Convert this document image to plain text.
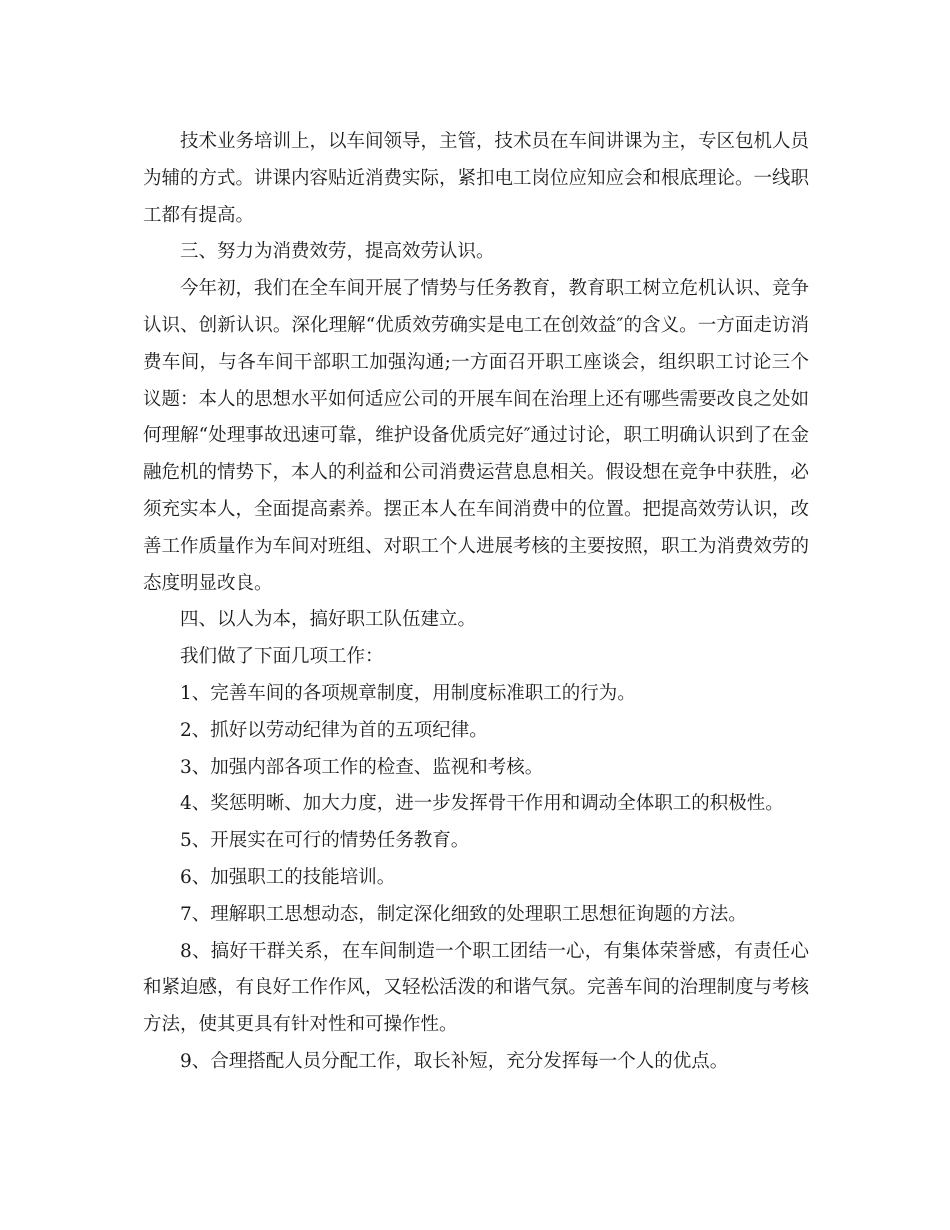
技术业务培训上，以车间领导，主管，技术员在车间讲课为主，专区包机人员为辅的方式。讲课内容贴近消费实际，紧扣电工岗位应知应会和根底理论。一线职工都有提高。

三、努力为消费效劳，提高效劳认识。

今年初，我们在全车间开展了情势与任务教育，教育职工树立危机认识、竞争认识、创新认识。深化理解“优质效劳确实是电工在创效益″的含义。一方面走访消费车间，与各车间干部职工加强沟通;一方面召开职工座谈会，组织职工讨论三个议题：本人的思想水平如何适应公司的开展车间在治理上还有哪些需要改良之处如何理解“处理事故迅速可靠，维护设备优质完好″通过讨论，职工明确认识到了在金融危机的情势下，本人的利益和公司消费运营息息相关。假设想在竞争中获胜，必须充实本人，全面提高素养。摆正本人在车间消费中的位置。把提高效劳认识，改善工作质量作为车间对班组、对职工个人进展考核的主要按照，职工为消费效劳的态度明显改良。

四、以人为本，搞好职工队伍建立。

我们做了下面几项工作：

1、完善车间的各项规章制度，用制度标准职工的行为。

2、抓好以劳动纪律为首的五项纪律。

3、加强内部各项工作的检查、监视和考核。

4、奖惩明晰、加大力度，进一步发挥骨干作用和调动全体职工的积极性。

5、开展实在可行的情势任务教育。

6、加强职工的技能培训。

7、理解职工思想动态，制定深化细致的处理职工思想征询题的方法。

8、搞好干群关系，在车间制造一个职工团结一心，有集体荣誉感，有责任心和紧迫感，有良好工作作风，又轻松活泼的和谐气氛。完善车间的治理制度与考核方法，使其更具有针对性和可操作性。

9、合理搭配人员分配工作，取长补短，充分发挥每一个人的优点。
